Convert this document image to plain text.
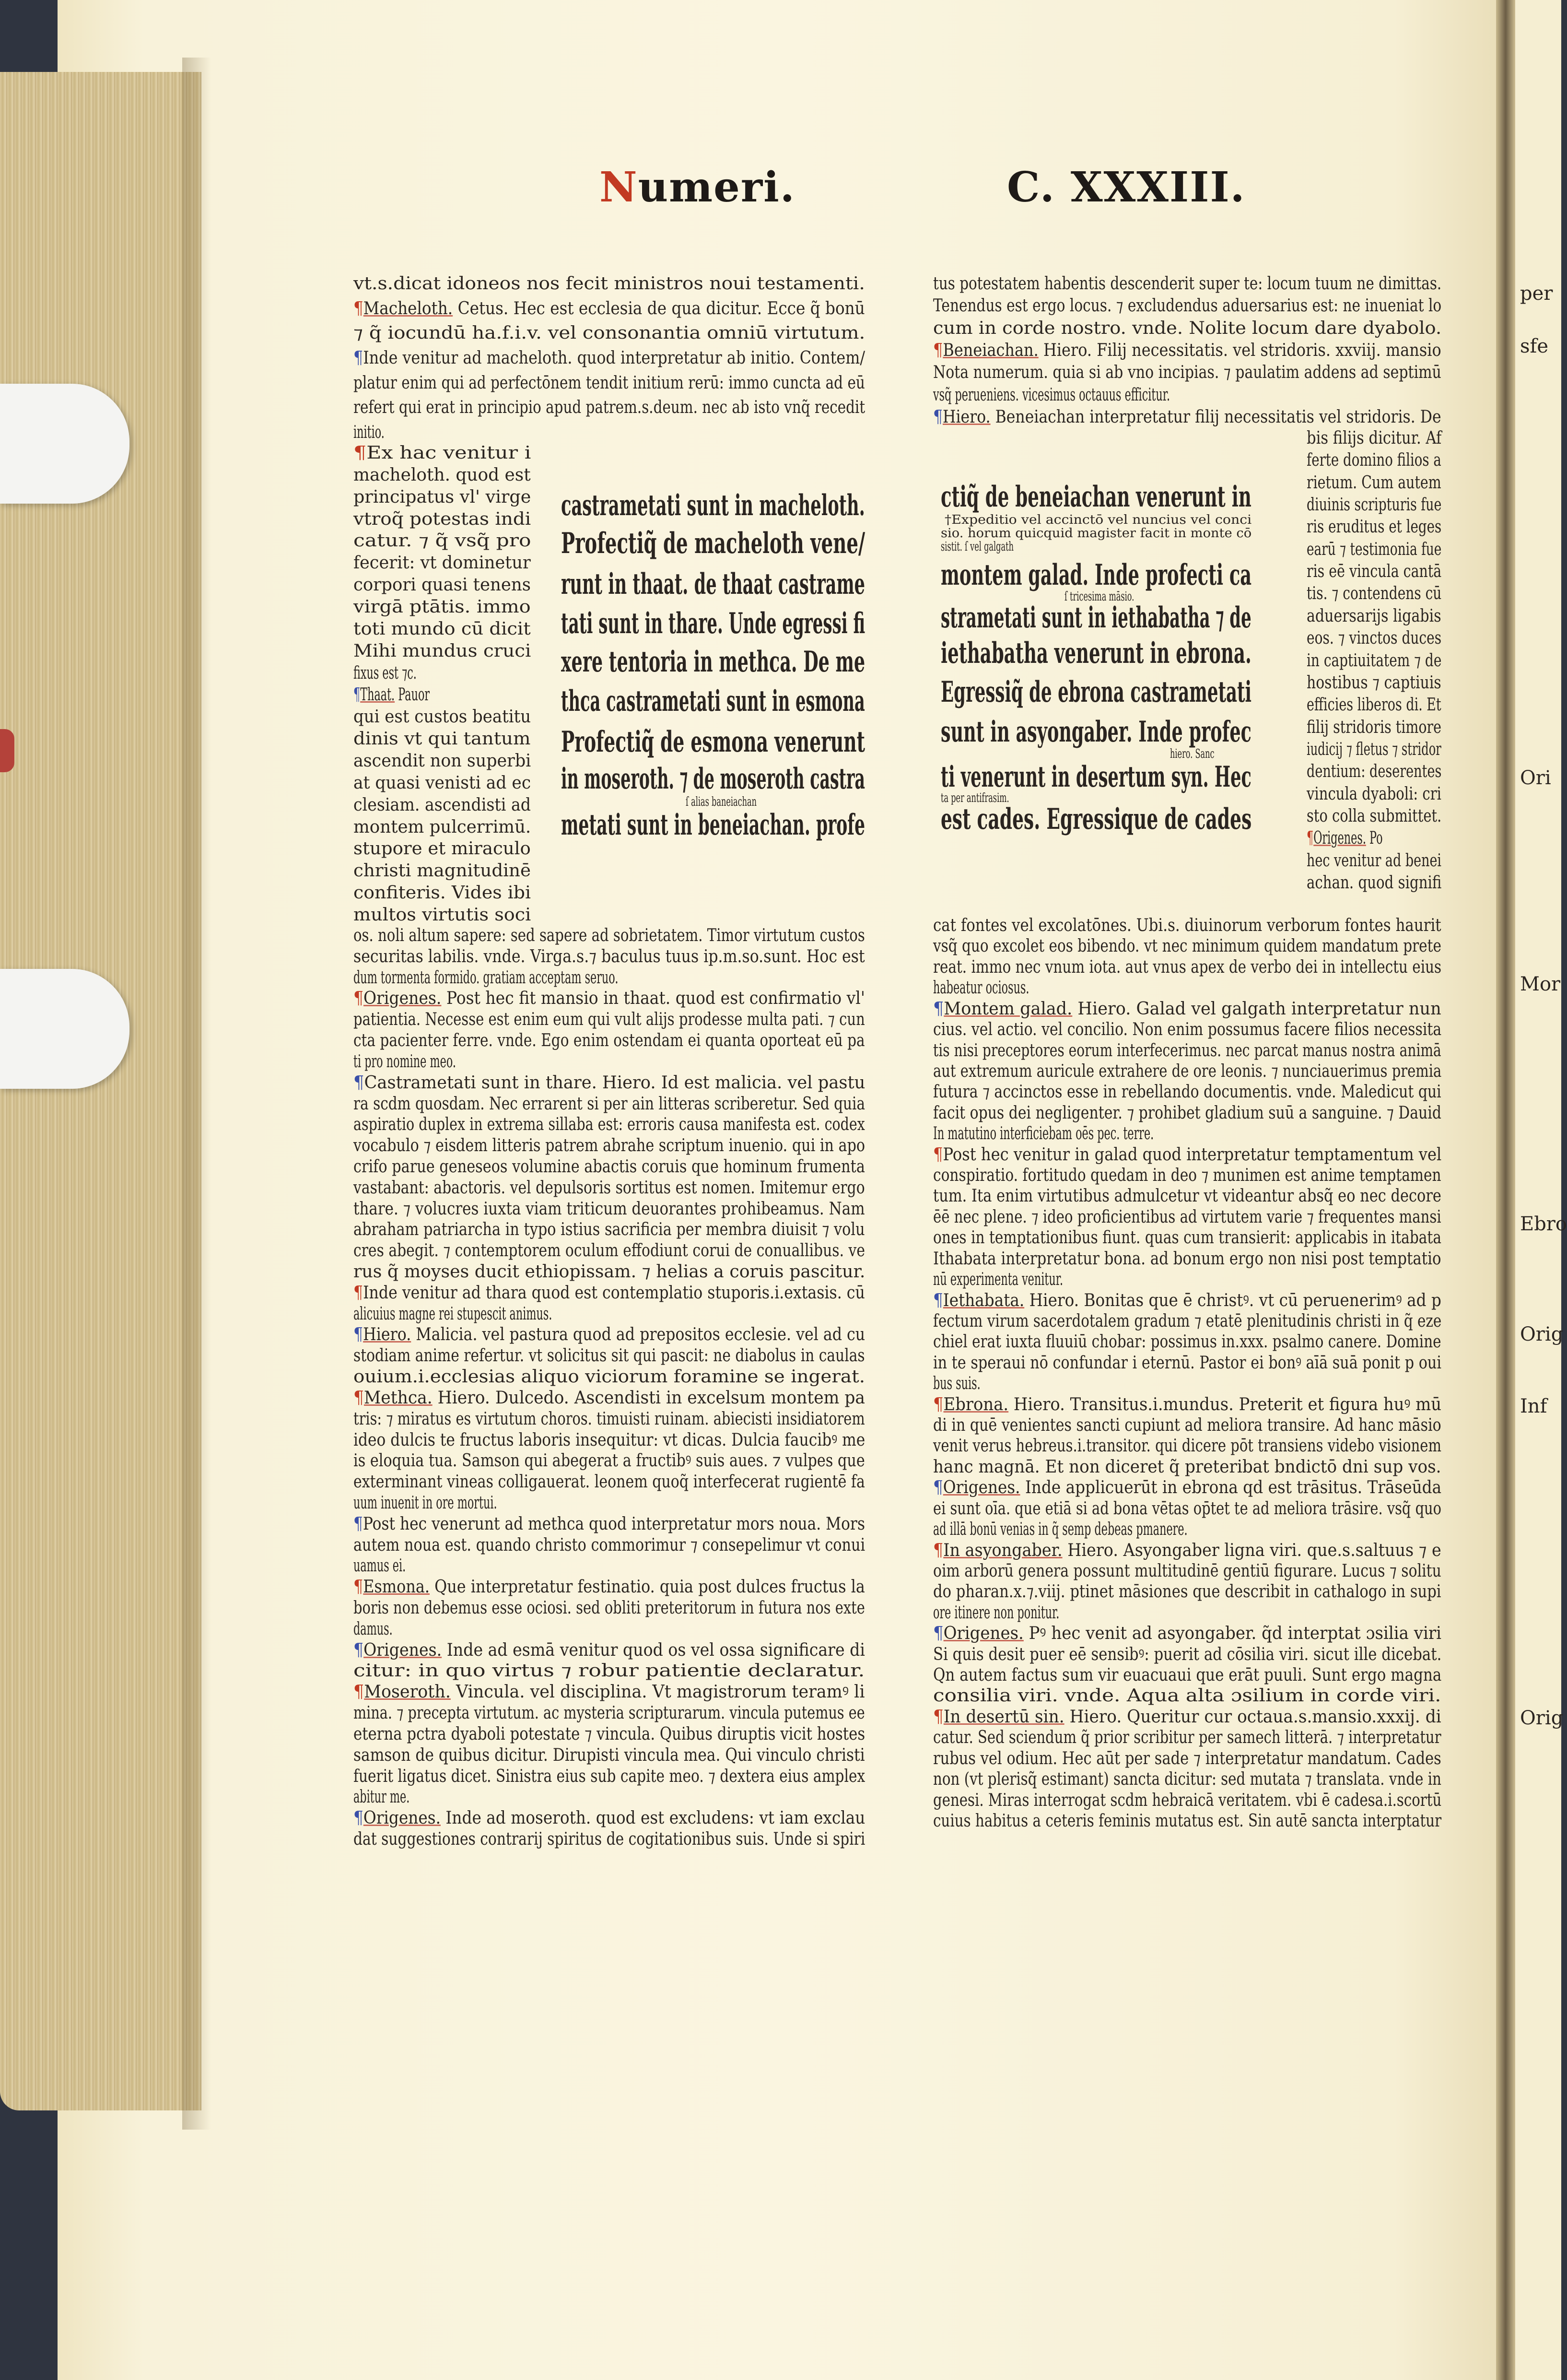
per
sfe
Ori
Mor
Ebro
Orig
Inf
Orig
Numeri.	C. XXXIII.
vt.s.dicat idoneos nos fecit ministros noui testamenti.
¶Macheloth. Cetus. Hec est ecclesia de qua dicitur. Ecce q̃ bonū
⁊ q̃ iocundū ha.f.i.v. vel consonantia omniū virtutum.
¶Inde venitur ad macheloth. quod interpretatur ab initio. Contem/
platur enim qui ad perfectōnem tendit initium rerū: immo cuncta ad eū
refert qui erat in principio apud patrem.s.deum. nec ab isto vnq̃ recedit
initio.
¶Ex hac venitur i
macheloth. quod est
principatus vl' virge
vtroq̃ potestas indi
catur. ⁊ q̃ vsq̃ pro
fecerit: vt dominetur
corpori quasi tenens
virgā ptātis. immo
toti mundo cū dicit
Mihi mundus cruci
fixus est ⁊c.
¶Thaat. Pauor
qui est custos beatitu
dinis vt qui tantum
ascendit non superbi
at quasi venisti ad ec
clesiam. ascendisti ad
montem pulcerrimū.
stupore et miraculo
christi magnitudinē
confiteris. Vides ibi
multos virtutis soci
os. noli altum sapere: sed sapere ad sobrietatem. Timor virtutum custos
securitas labilis. vnde. Virga.s.⁊ baculus tuus ip.m.so.sunt. Hoc est
dum tormenta formido. gratiam acceptam seruo.
¶Origenes. Post hec fit mansio in thaat. quod est confirmatio vl'
patientia. Necesse est enim eum qui vult alijs prodesse multa pati. ⁊ cun
cta pacienter ferre. vnde. Ego enim ostendam ei quanta oporteat eū pa
ti pro nomine meo.
¶Castrametati sunt in thare. Hiero. Id est malicia. vel pastu
ra scdm quosdam. Nec errarent si per ain litteras scriberetur. Sed quia
aspiratio duplex in extrema sillaba est: erroris causa manifesta est. codex
vocabulo ⁊ eisdem litteris patrem abrahe scriptum inuenio. qui in apo
crifo parue geneseos volumine abactis coruis que hominum frumenta
vastabant: abactoris. vel depulsoris sortitus est nomen. Imitemur ergo
thare. ⁊ volucres iuxta viam triticum deuorantes prohibeamus. Nam
abraham patriarcha in typo istius sacrificia per membra diuisit ⁊ volu
cres abegit. ⁊ contemptorem oculum effodiunt corui de conuallibus. ve
rus q̃ moyses ducit ethiopissam. ⁊ helias a coruis pascitur.
¶Inde venitur ad thara quod est contemplatio stuporis.i.extasis. cū
alicuius magne rei stupescit animus.
¶Hiero. Malicia. vel pastura quod ad prepositos ecclesie. vel ad cu
stodiam anime refertur. vt solicitus sit qui pascit: ne diabolus in caulas
ouium.i.ecclesias aliquo viciorum foramine se ingerat.
¶Methca. Hiero. Dulcedo. Ascendisti in excelsum montem pa
tris: ⁊ miratus es virtutum choros. timuisti ruinam. abiecisti insidiatorem
ideo dulcis te fructus laboris insequitur: vt dicas. Dulcia faucibꝰ me
is eloquia tua. Samson qui abegerat a fructibꝰ suis aues. ⁊ vulpes que
exterminant vineas colligauerat. leonem quoq̃ interfecerat rugientē fa
uum inuenit in ore mortui.
¶Post hec venerunt ad methca quod interpretatur mors noua. Mors
autem noua est. quando christo commorimur ⁊ consepelimur vt conui
uamus ei.
¶Esmona. Que interpretatur festinatio. quia post dulces fructus la
boris non debemus esse ociosi. sed obliti preteritorum in futura nos exte
damus.
¶Origenes. Inde ad esmā venitur quod os vel ossa significare di
citur: in quo virtus ⁊ robur patientie declaratur.
¶Moseroth. Vincula. vel disciplina. Vt magistrorum teramꝰ li
mina. ⁊ precepta virtutum. ac mysteria scripturarum. vincula putemus ee
eterna pctra dyaboli potestate ⁊ vincula. Quibus diruptis vicit hostes
samson de quibus dicitur. Dirupisti vincula mea. Qui vinculo christi
fuerit ligatus dicet. Sinistra eius sub capite meo. ⁊ dextera eius amplex
abitur me.
¶Origenes. Inde ad moseroth. quod est excludens: vt iam exclau
dat suggestiones contrarij spiritus de cogitationibus suis. Unde si spiri
tus potestatem habentis descenderit super te: locum tuum ne dimittas.
Tenendus est ergo locus. ⁊ excludendus aduersarius est: ne inueniat lo
cum in corde nostro. vnde. Nolite locum dare dyabolo.
¶Beneiachan. Hiero. Filij necessitatis. vel stridoris. xxviij. mansio
Nota numerum. quia si ab vno incipias. ⁊ paulatim addens ad septimū
vsq̃ perueniens. vicesimus octauus efficitur.
¶Hiero. Beneiachan interpretatur filij necessitatis vel stridoris. De
bis filijs dicitur. Af
ferte domino filios a
rietum. Cum autem
diuinis scripturis fue
ris eruditus et leges
earū ⁊ testimonia fue
ris eē vincula cantā
tis. ⁊ contendens cū
aduersarijs ligabis
eos. ⁊ vinctos duces
in captiuitatem ⁊ de
hostibus ⁊ captiuis
efficies liberos di. Et
filij stridoris timore
iudicij ⁊ fletus ⁊ stridor
dentium: deserentes
vincula dyaboli: cri
sto colla submittet.
¶Origenes. Po
hec venitur ad benei
achan. quod signifi
cat fontes vel excolatōnes. Ubi.s. diuinorum verborum fontes haurit
vsq̃ quo excolet eos bibendo. vt nec minimum quidem mandatum prete
reat. immo nec vnum iota. aut vnus apex de verbo dei in intellectu eius
habeatur ociosus.
¶Montem galad. Hiero. Galad vel galgath interpretatur nun
cius. vel actio. vel concilio. Non enim possumus facere filios necessita
tis nisi preceptores eorum interfecerimus. nec parcat manus nostra animā
aut extremum auricule extrahere de ore leonis. ⁊ nunciauerimus premia
futura ⁊ accinctos esse in rebellando documentis. vnde. Maledicut qui
facit opus dei negligenter. ⁊ prohibet gladium suū a sanguine. ⁊ Dauid
In matutino interficiebam oēs pec. terre.
¶Post hec venitur in galad quod interpretatur temptamentum vel
conspiratio. fortitudo quedam in deo ⁊ munimen est anime temptamen
tum. Ita enim virtutibus admulcetur vt videantur absq̃ eo nec decore
ēē nec plene. ⁊ ideo proficientibus ad virtutem varie ⁊ frequentes mansi
ones in temptationibus fiunt. quas cum transierit: applicabis in itabata
Ithabata interpretatur bona. ad bonum ergo non nisi post temptatio
nū experimenta venitur.
¶Iethabata. Hiero. Bonitas que ē christꝰ. vt cū peruenerimꝰ ad p
fectum virum sacerdotalem gradum ⁊ etatē plenitudinis christi in q̃ eze
chiel erat iuxta fluuiū chobar: possimus in.xxx. psalmo canere. Domine
in te speraui nō confundar i eternū. Pastor ei bonꝰ aīā suā ponit p oui
bus suis.
¶Ebrona. Hiero. Transitus.i.mundus. Preterit et figura huꝰ mū
di in quē venientes sancti cupiunt ad meliora transire. Ad hanc māsio
venit verus hebreus.i.transitor. qui dicere pōt transiens videbo visionem
hanc magnā. Et non diceret q̃ preteribat bndictō dni sup vos.
¶Origenes. Inde applicuerūt in ebrona qd est trāsitus. Trāseūda
ei sunt oīa. que etiā si ad bona vētas op̄tet te ad meliora trāsire. vsq̃ quo
ad illā bonū venias in q̃ semp debeas pmanere.
¶In asyongaber. Hiero. Asyongaber ligna viri. que.s.saltuus ⁊ e
oim arborū genera possunt multitudinē gentiū figurare. Lucus ⁊ solitu
do pharan.x.⁊.viij. ptinet māsiones que describit in cathalogo in supi
ore itinere non ponitur.
¶Origenes. Pꝰ hec venit ad asyongaber. q̃d interptat ɔsilia viri
Si quis desit puer eē sensibꝰ: puerit ad cōsilia viri. sicut ille dicebat.
Qn autem factus sum vir euacuaui que erāt puuli. Sunt ergo magna
consilia viri. vnde. Aqua alta ɔsilium in corde viri.
¶In desertū sin. Hiero. Queritur cur octaua.s.mansio.xxxij. di
catur. Sed sciendum q̃ prior scribitur per samech litterā. ⁊ interpretatur
rubus vel odium. Hec aūt per sade ⁊ interpretatur mandatum. Cades
non (vt plerisq̃ estimant) sancta dicitur: sed mutata ⁊ translata. vnde in
genesi. Miras interrogat scdm hebraicā veritatem. vbi ē cadesa.i.scortū
cuius habitus a ceteris feminis mutatus est. Sin autē sancta interptatur
castrametati sunt in macheloth.
Profectiq̃ de macheloth vene/
runt in thaat. de thaat castrame
tati sunt in thare. Unde egressi fi
xere tentoria in methca. De me
thca castrametati sunt in esmona
Profectiq̃ de esmona venerunt
in moseroth. ⁊ de moseroth castra
metati sunt in beneiachan. profe
ſ alias baneiachan
ctiq̃ de beneiachan venerunt in
montem galad. Inde profecti ca
strametati sunt in iethabatha ⁊ de
iethabatha venerunt in ebrona.
Egressiq̃ de ebrona castrametati
sunt in asyongaber. Inde profec
ti venerunt in desertum syn. Hec
est cades. Egressique de cades
†Expeditio vel accinctō vel nuncius vel conci
sio. horum quicquid magister facit in monte cō
sistit. ſ vel galgath
ſ tricesima māsio.
hiero. Sanc
ta per antifrasim.
